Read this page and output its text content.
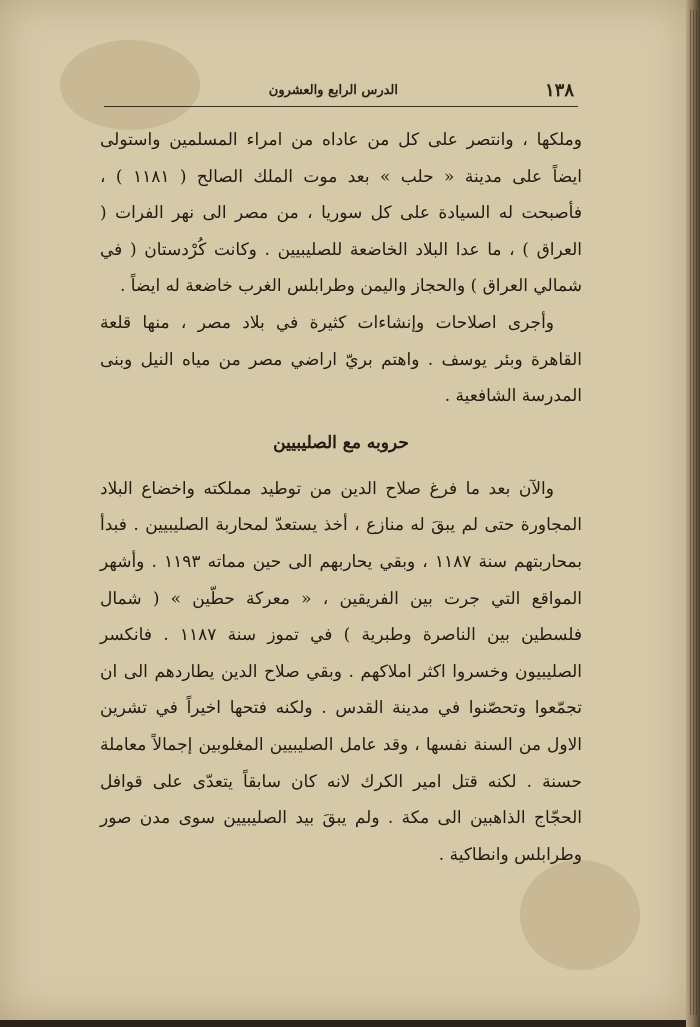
١٣٨
الدرس الرابع والعشرون

وملكها ، وانتصر على كل من عاداه من امراء المسلمين واستولى ايضاً على مدينة « حلب » بعد موت الملك الصالح ( ١١٨١ ) ، فأصبحت له السيادة على كل سوريا ، من مصر الى نهر الفرات ( العراق ) ، ما عدا البلاد الخاضعة للصليبيين . وكانت كُرْدستان ( في شمالي العراق ) والحجاز واليمن وطرابلس الغرب خاضعة له ايضاً .

وأجرى اصلاحات وإنشاءات كثيرة في بلاد مصر ، منها قلعة القاهرة وبئر يوسف . واهتم بريّ اراضي مصر من مياه النيل وبنى المدرسة الشافعية .

حروبه مع الصليبيين

والآن بعد ما فرغ صلاح الدين من توطيد مملكته واخضاع البلاد المجاورة حتى لم يبقَ له منازع ، أخذ يستعدّ لمحاربة الصليبيين . فبدأ بمحاربتهم سنة ١١٨٧ ، وبقي يحاربهم الى حين مماته ١١٩٣ . وأشهر المواقع التي جرت بين الفريقين ، « معركة حطّين » ( شمال فلسطين بين الناصرة وطبرية ) في تموز سنة ١١٨٧ . فانكسر الصليبيون وخسروا اكثر املاكهم . وبقي صلاح الدين يطاردهم الى ان تجمّعوا وتحصّنوا في مدينة القدس . ولكنه فتحها اخيراً في تشرين الاول من السنة نفسها ، وقد عامل الصليبيين المغلوبين إجمالاً معاملة حسنة . لكنه قتل امير الكرك لانه كان سابقاً يتعدّى على قوافل الحجّاج الذاهبين الى مكة . ولم يبقَ بيد الصليبيين سوى مدن صور وطرابلس وانطاكية .
